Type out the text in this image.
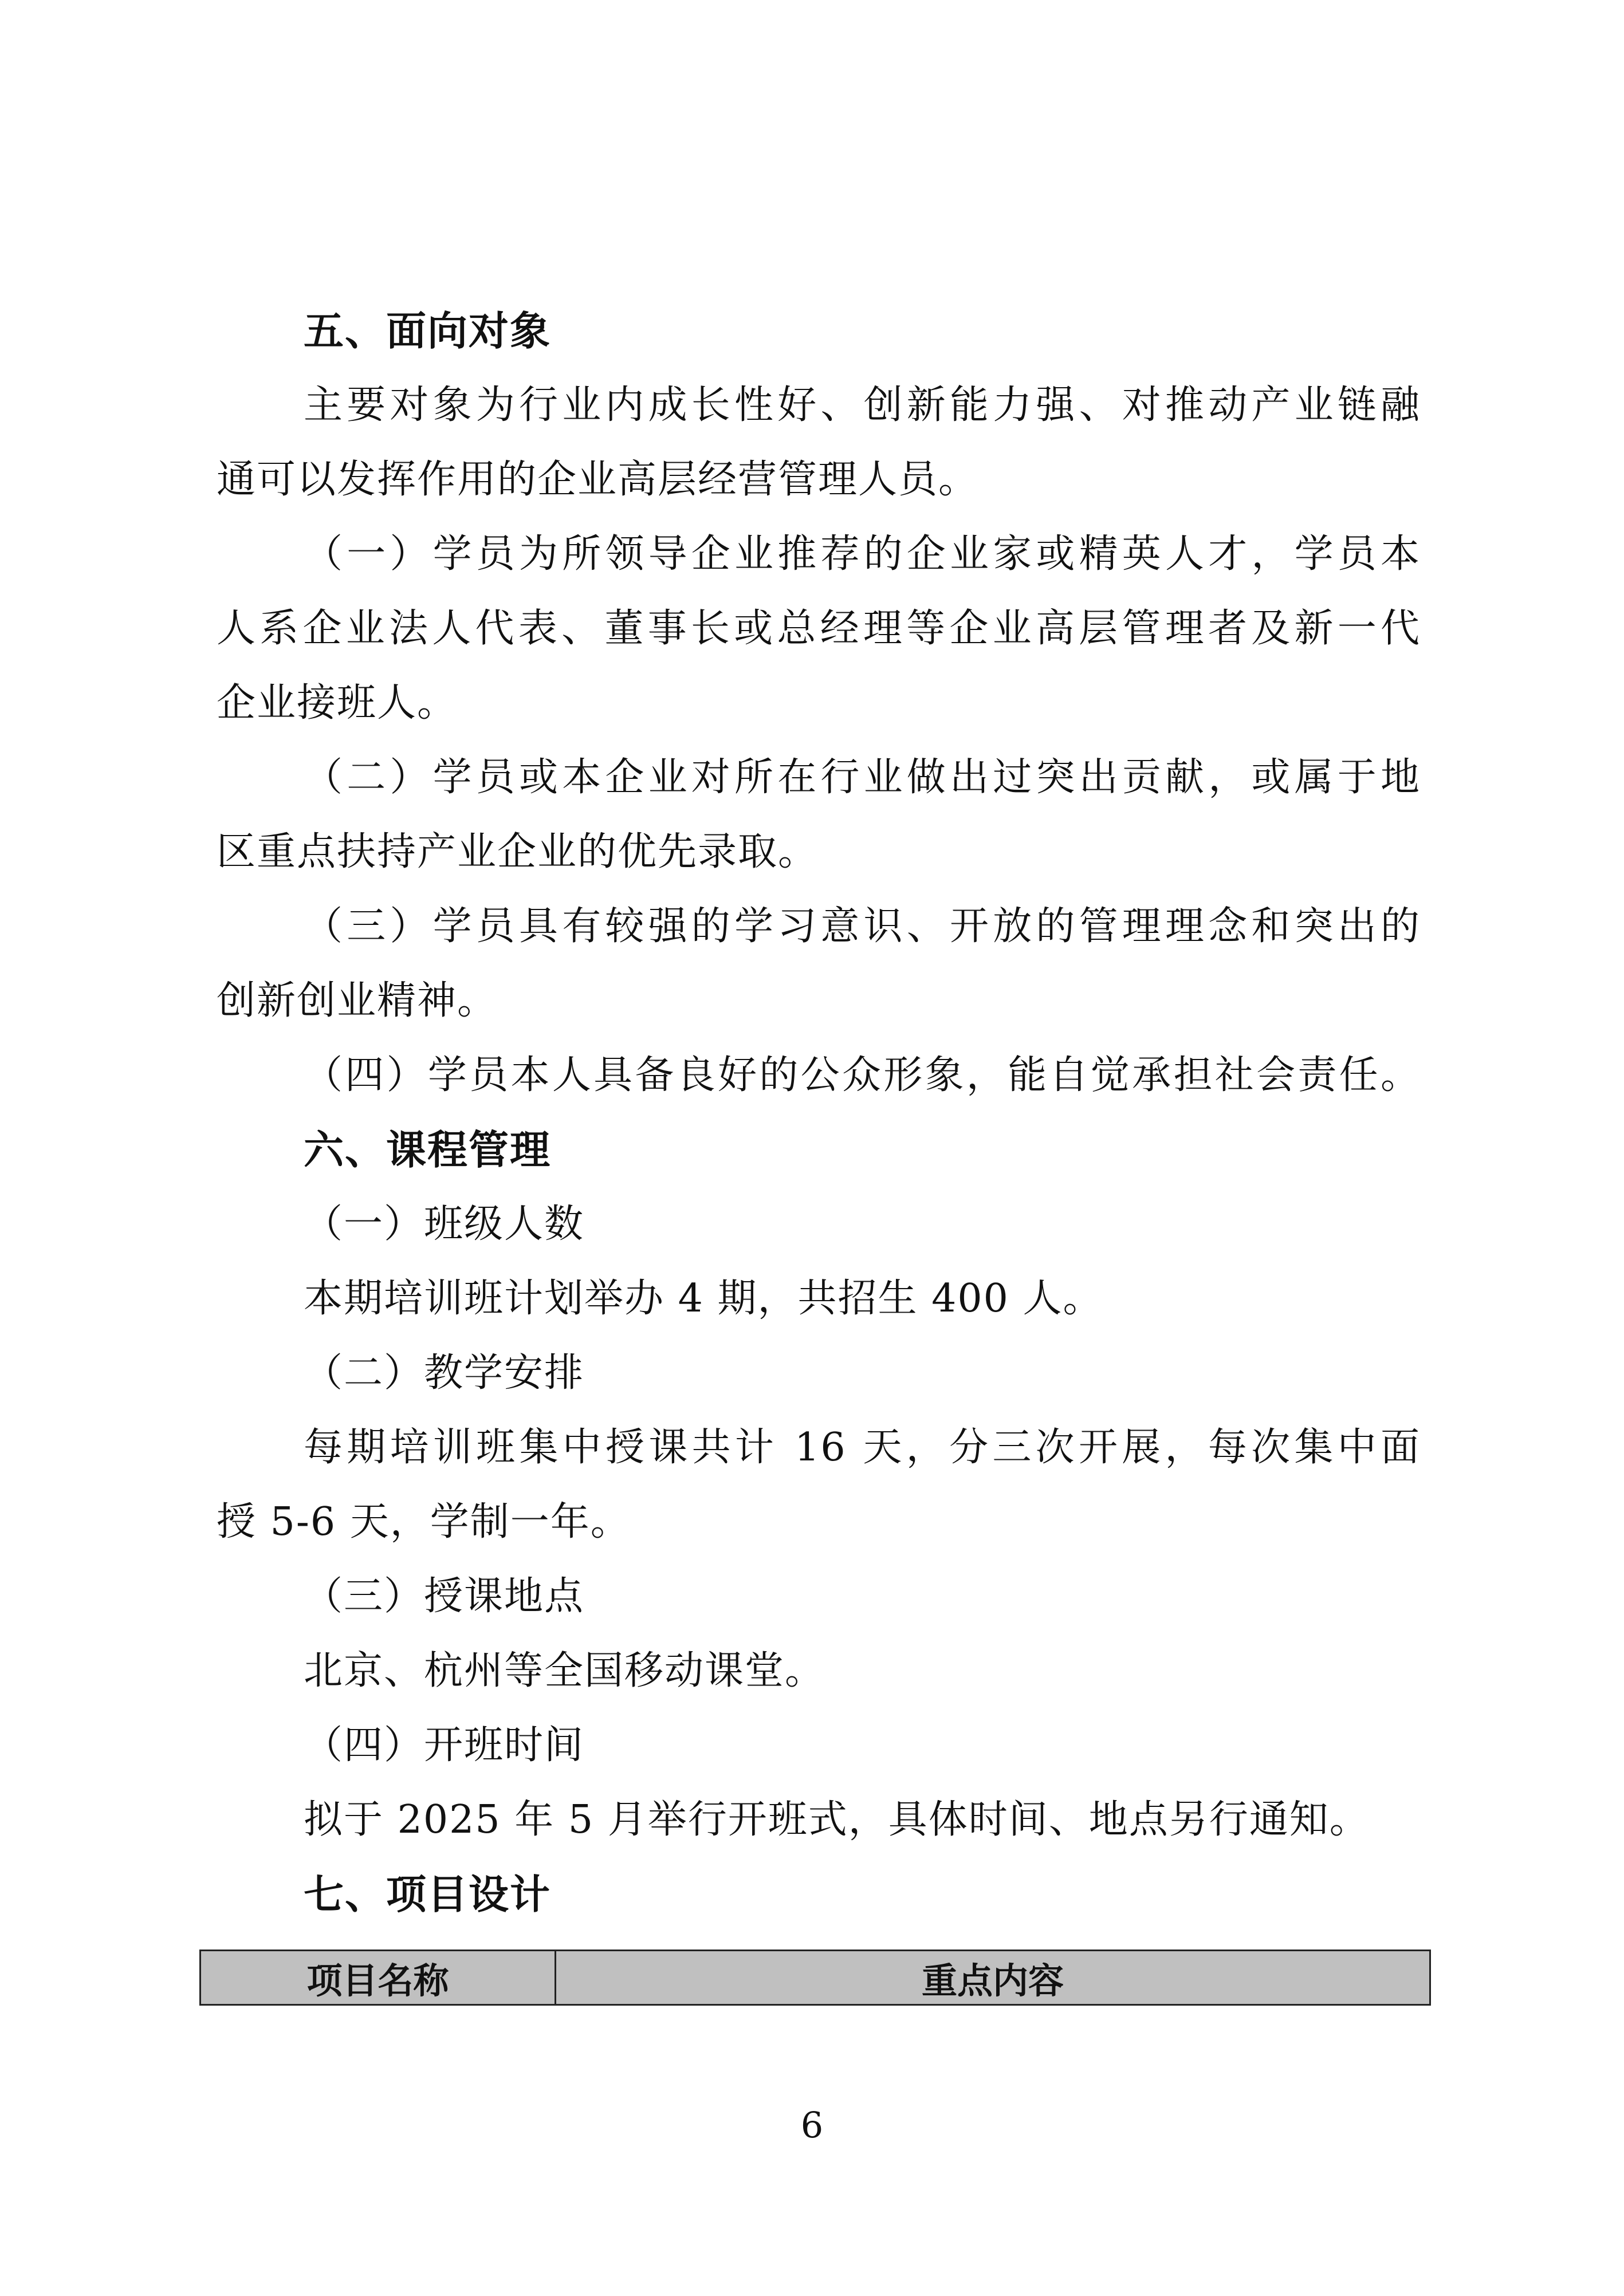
五、面向对象
主要对象为行业内成长性好、创新能力强、对推动产业链融
通可以发挥作用的企业高层经营管理人员。
（一）学员为所领导企业推荐的企业家或精英人才，学员本
人系企业法人代表、董事长或总经理等企业高层管理者及新一代
企业接班人。
（二）学员或本企业对所在行业做出过突出贡献，或属于地
区重点扶持产业企业的优先录取。
（三）学员具有较强的学习意识、开放的管理理念和突出的
创新创业精神。
（四）学员本人具备良好的公众形象，能自觉承担社会责任。
六、课程管理
（一）班级人数
本期培训班计划举办 4 期，共招生 400 人。
（二）教学安排
每期培训班集中授课共计 16 天，分三次开展，每次集中面
授 5-6 天，学制一年。
（三）授课地点
北京、杭州等全国移动课堂。
（四）开班时间
拟于 2025 年 5 月举行开班式，具体时间、地点另行通知。
七、项目设计
项目名称	重点内容
6
